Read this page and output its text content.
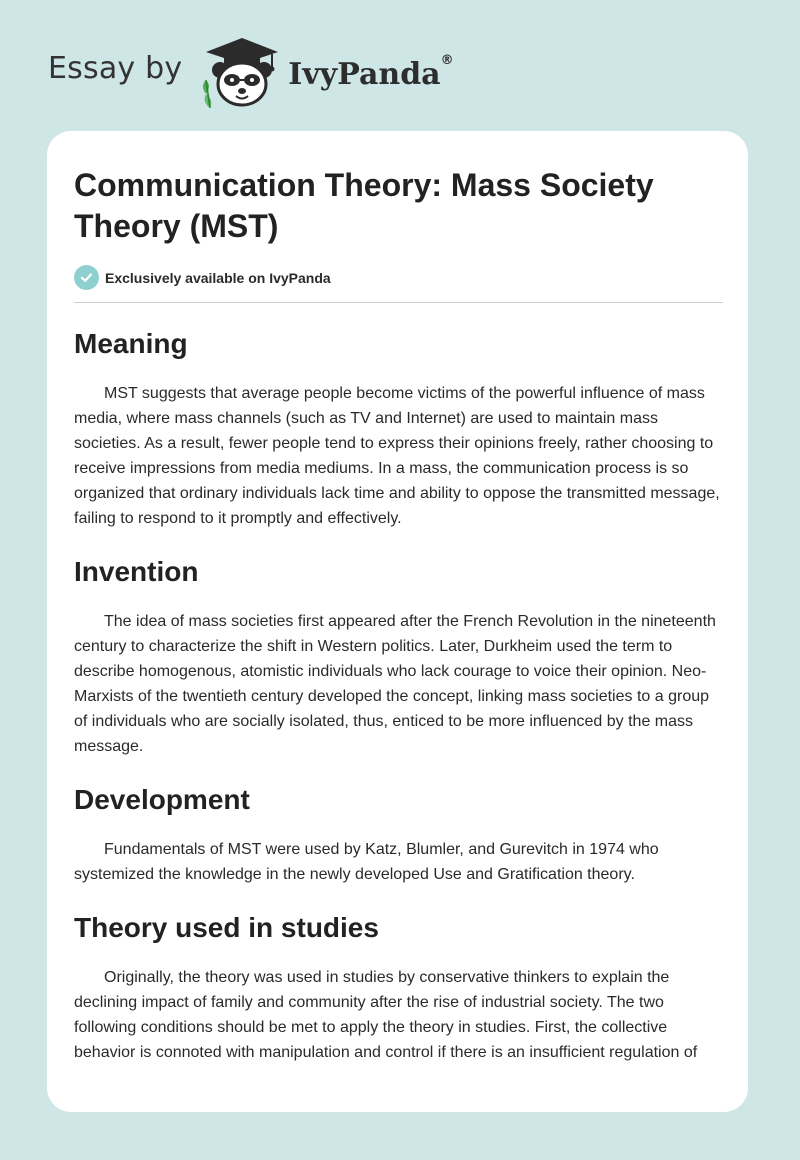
Essay by	IvyPanda®
Communication Theory: Mass Society Theory (MST)
Exclusively available on IvyPanda
Meaning

MST suggests that average people become victims of the powerful influence of mass media, where mass channels (such as TV and Internet) are used to maintain mass societies. As a result, fewer people tend to express their opinions freely, rather choosing to receive impressions from media mediums. In a mass, the communication process is so organized that ordinary individuals lack time and ability to oppose the transmitted message, failing to respond to it promptly and effectively.

Invention

The idea of mass societies first appeared after the French Revolution in the nineteenth century to characterize the shift in Western politics. Later, Durkheim used the term to describe homogenous, atomistic individuals who lack courage to voice their opinion. Neo-Marxists of the twentieth century developed the concept, linking mass societies to a group of individuals who are socially isolated, thus, enticed to be more influenced by the mass message.

Development

Fundamentals of MST were used by Katz, Blumler, and Gurevitch in 1974 who systemized the knowledge in the newly developed Use and Gratification theory.

Theory used in studies

Originally, the theory was used in studies by conservative thinkers to explain the declining impact of family and community after the rise of industrial society. The two following conditions should be met to apply the theory in studies. First, the collective behavior is connoted with manipulation and control if there is an insufficient regulation of
